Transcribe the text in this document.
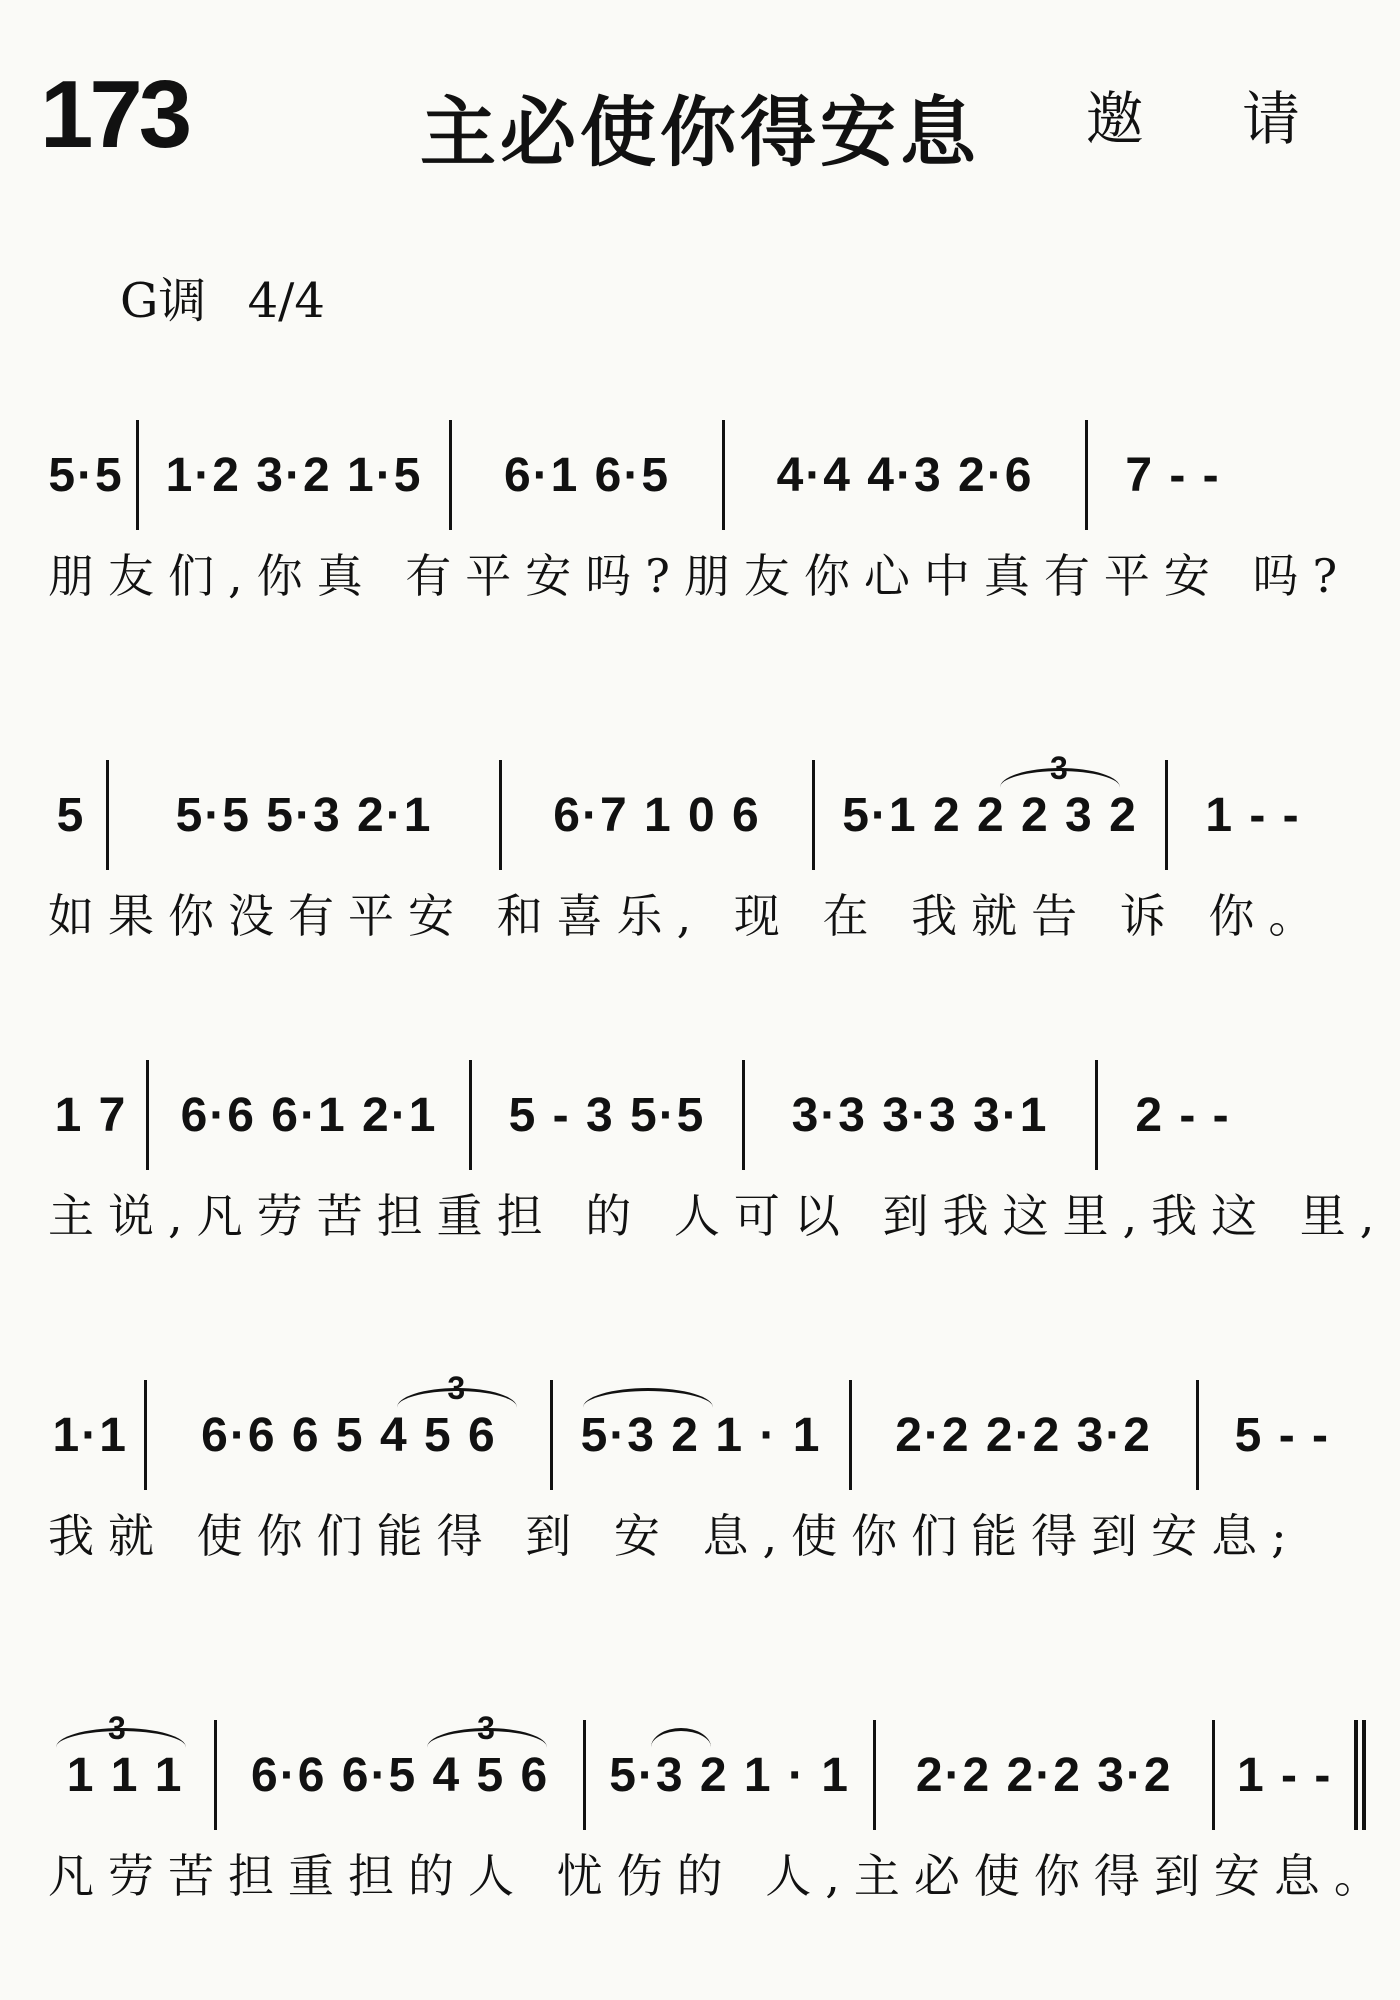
173	主必使你得安息 邀 请
G调 4/4
5·5 1·2 3·2 1·5 6·1 6·5 4·4 4·3 2·6 7 - -
朋友们,你真 有平安吗?朋友你心中真有平安 吗?
5 5·5 5·3 2·1	6·7 1 0 6 5·1 2 2 2 3 2
3
1 - -
如果你没有平安 和喜乐, 现 在 我就告 诉 你。
1 7 6·6 6·1 2·1 5 - 3 5·5 3·3 3·3 3·1 2 - -
主说,凡劳苦担重担 的 人可以 到我这里,我这 里,
1·1 6·6 6 5 4 5 6
3
5·3 2 1 · 1 2·2 2·2 3·2 5 - -
我就 使你们能得 到 安 息,使你们能得到安息;
1 1 1
3
6·6 6·5 4 5 6
3
5·3 2 1 · 1 2·2 2·2 3·2 1 - -
凡劳苦担重担的人 忧伤的 人,主必使你得到安息。
